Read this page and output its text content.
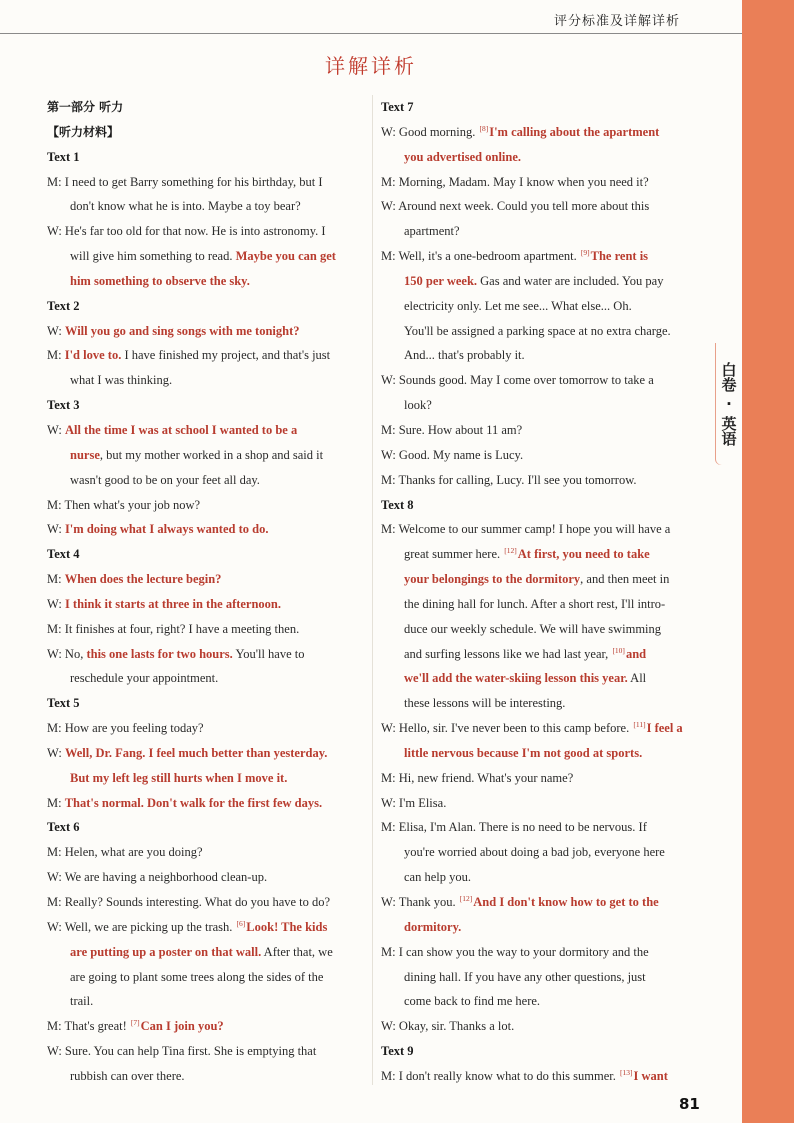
评分标准及详解详析
详解详析
第一部分 听力
【听力材料】
Text 1
M: I need to get Barry something for his birthday, but I
don't know what he is into. Maybe a toy bear?
W: He's far too old for that now. He is into astronomy. I
will give him something to read. Maybe you can get
him something to observe the sky.
Text 2
W: Will you go and sing songs with me tonight?
M: I'd love to. I have finished my project, and that's just
what I was thinking.
Text 3
W: All the time I was at school I wanted to be a
nurse, but my mother worked in a shop and said it
wasn't good to be on your feet all day.
M: Then what's your job now?
W: I'm doing what I always wanted to do.
Text 4
M: When does the lecture begin?
W: I think it starts at three in the afternoon.
M: It finishes at four, right? I have a meeting then.
W: No, this one lasts for two hours. You'll have to
reschedule your appointment.
Text 5
M: How are you feeling today?
W: Well, Dr. Fang. I feel much better than yesterday.
But my left leg still hurts when I move it.
M: That's normal. Don't walk for the first few days.
Text 6
M: Helen, what are you doing?
W: We are having a neighborhood clean-up.
M: Really? Sounds interesting. What do you have to do?
W: Well, we are picking up the trash. [6]Look! The kids
are putting up a poster on that wall. After that, we
are going to plant some trees along the sides of the
trail.
M: That's great! [7]Can I join you?
W: Sure. You can help Tina first. She is emptying that
rubbish can over there.
Text 7
W: Good morning. [8]I'm calling about the apartment
you advertised online.
M: Morning, Madam. May I know when you need it?
W: Around next week. Could you tell more about this
apartment?
M: Well, it's a one-bedroom apartment. [9]The rent is
150 per week. Gas and water are included. You pay
electricity only. Let me see... What else... Oh.
You'll be assigned a parking space at no extra charge.
And... that's probably it.
W: Sounds good. May I come over tomorrow to take a
look?
M: Sure. How about 11 am?
W: Good. My name is Lucy.
M: Thanks for calling, Lucy. I'll see you tomorrow.
Text 8
M: Welcome to our summer camp! I hope you will have a
great summer here. [12]At first, you need to take
your belongings to the dormitory, and then meet in
the dining hall for lunch. After a short rest, I'll intro-
duce our weekly schedule. We will have swimming
and surfing lessons like we had last year, [10]and
we'll add the water-skiing lesson this year. All
these lessons will be interesting.
W: Hello, sir. I've never been to this camp before. [11]I feel a
little nervous because I'm not good at sports.
M: Hi, new friend. What's your name?
W: I'm Elisa.
M: Elisa, I'm Alan. There is no need to be nervous. If
you're worried about doing a bad job, everyone here
can help you.
W: Thank you. [12]And I don't know how to get to the
dormitory.
M: I can show you the way to your dormitory and the
dining hall. If you have any other questions, just
come back to find me here.
W: Okay, sir. Thanks a lot.
Text 9
M: I don't really know what to do this summer. [13]I want
81
白卷
·
英语
